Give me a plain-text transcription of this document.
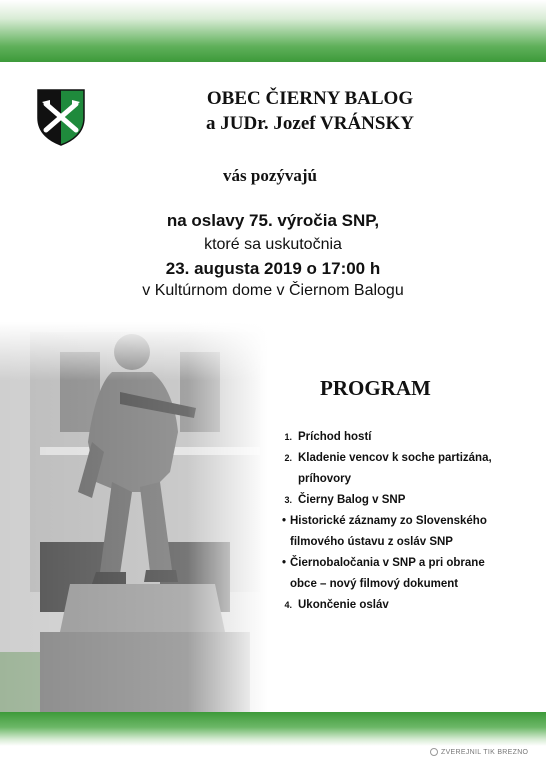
OBEC ČIERNY BALOG
a JUDr. Jozef VRÁNSKY
vás pozývajú
na oslavy 75. výročia SNP,
ktoré sa uskutočnia
23. augusta 2019 o 17:00 h
v Kultúrnom dome v Čiernom Balogu
PROGRAM
1. Príchod hostí
2. Kladenie vencov k soche partizána,
príhovory
3. Čierny Balog v SNP
• Historické záznamy zo Slovenského
filmového ústavu z osláv SNP
• Čiernobaločania v SNP a pri obrane
obce – nový filmový dokument
4. Ukončenie osláv
ZVEREJNIL TIK BREZNO
